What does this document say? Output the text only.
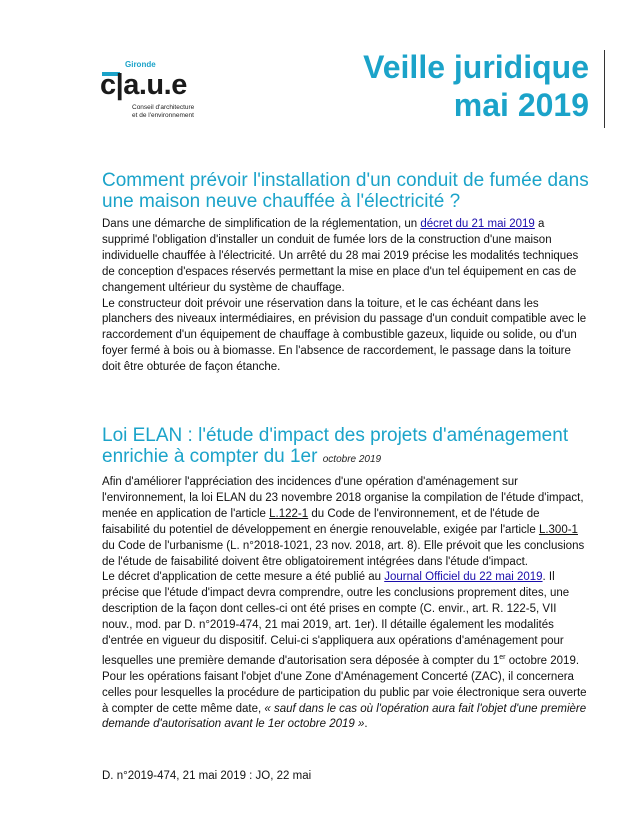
Gironde
c|a.u.e
Conseil d'architecture
et de l'environnement
Veille juridique
mai 2019
Comment prévoir l'installation d'un conduit de fumée dans une maison neuve chauffée à l'électricité ?

Dans une démarche de simplification de la réglementation, un décret du 21 mai 2019 a supprimé l'obligation d'installer un conduit de fumée lors de la construction d'une maison individuelle chauffée à l'électricité. Un arrêté du 28 mai 2019 précise les modalités techniques de conception d'espaces réservés permettant la mise en place d'un tel équipement en cas de changement ultérieur du système de chauffage.

Le constructeur doit prévoir une réservation dans la toiture, et le cas échéant dans les planchers des niveaux intermédiaires, en prévision du passage d'un conduit compatible avec le raccordement d'un équipement de chauffage à combustible gazeux, liquide ou solide, ou d'un foyer fermé à bois ou à biomasse. En l'absence de raccordement, le passage dans la toiture doit être obturée de façon étanche.

Loi ELAN : l'étude d'impact des projets d'aménagement enrichie à compter du 1er octobre 2019

Afin d'améliorer l'appréciation des incidences d'une opération d'aménagement sur l'environnement, la loi ELAN du 23 novembre 2018 organise la compilation de l'étude d'impact, menée en application de l'article L.122-1 du Code de l'environnement, et de l'étude de faisabilité du potentiel de développement en énergie renouvelable, exigée par l'article L.300-1 du Code de l'urbanisme (L. n°2018-1021, 23 nov. 2018, art. 8). Elle prévoit que les conclusions de l'étude de faisabilité doivent être obligatoirement intégrées dans l'étude d'impact.

Le décret d'application de cette mesure a été publié au Journal Officiel du 22 mai 2019. Il précise que l'étude d'impact devra comprendre, outre les conclusions proprement dites, une description de la façon dont celles-ci ont été prises en compte (C. envir., art. R. 122-5, VII nouv., mod. par D. n°2019-474, 21 mai 2019, art. 1er). Il détaille également les modalités d'entrée en vigueur du dispositif. Celui-ci s'appliquera aux opérations d'aménagement pour lesquelles une première demande d'autorisation sera déposée à compter du 1er octobre 2019. Pour les opérations faisant l'objet d'une Zone d'Aménagement Concerté (ZAC), il concernera celles pour lesquelles la procédure de participation du public par voie électronique sera ouverte à compter de cette même date, « sauf dans le cas où l'opération aura fait l'objet d'une première demande d'autorisation avant le 1er octobre 2019 ».

D. n°2019-474, 21 mai 2019 : JO, 22 mai
